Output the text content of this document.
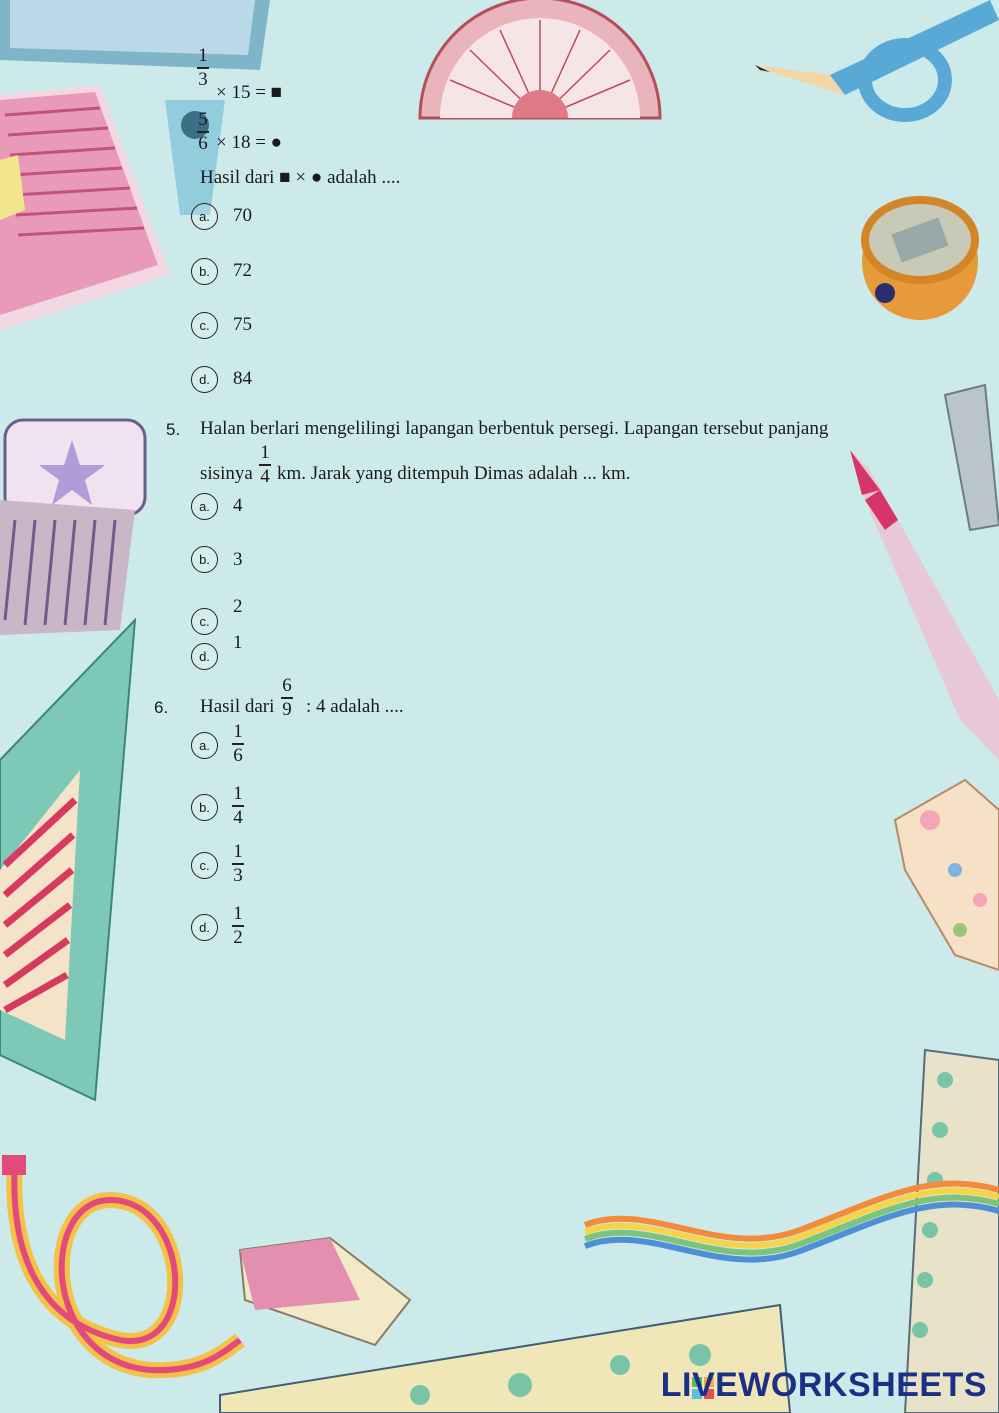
1
3
× 15 = ■
5
6 × 18 = ●
Hasil dari ■ × ● adalah ....
a.	70
b.	72
c.	75
d.	84
5. Halan berlari mengelilingi lapangan berbentuk persegi. Lapangan tersebut panjang
sisinya
1
4 km. Jarak yang ditempuh Dimas adalah ... km.
a.	4
b.	3
c.
2
d.
1
6. Hasil dari
6
9 : 4 adalah ....
a.
1
6
b.
1
4
c.
1
3
d.
1
2
LIVEWORKSHEETS
